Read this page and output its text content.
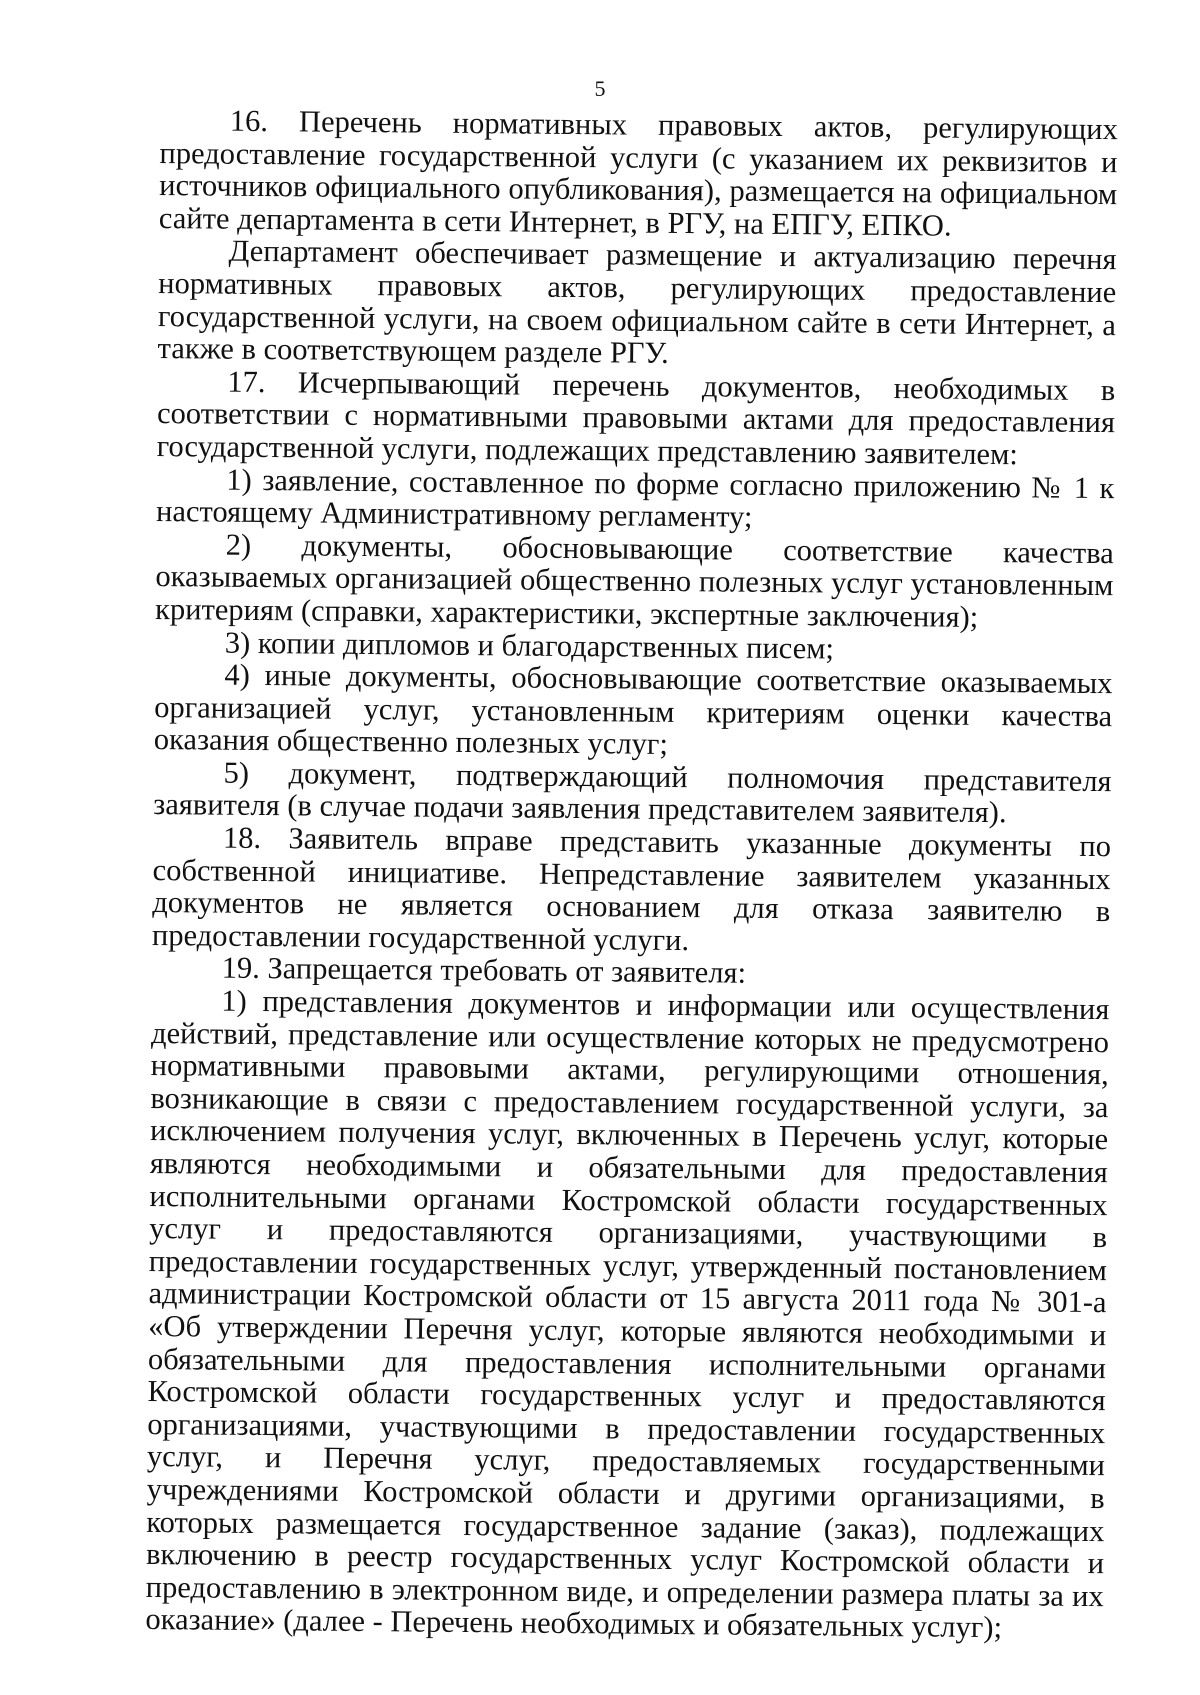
5

16. Перечень нормативных правовых актов, регулирующих предоставление государственной услуги (с указанием их реквизитов и источников официального опубликования), размещается на официальном сайте департамента в сети Интернет, в РГУ, на ЕПГУ, ЕПКО.

Департамент обеспечивает размещение и актуализацию перечня нормативных правовых актов, регулирующих предоставление государственной услуги, на своем официальном сайте в сети Интернет, а также в соответствующем разделе РГУ.

17. Исчерпывающий перечень документов, необходимых в соответствии с нормативными правовыми актами для предоставления государственной услуги, подлежащих представлению заявителем:

1) заявление, составленное по форме согласно приложению № 1 к настоящему Административному регламенту;

2) документы, обосновывающие соответствие качества оказываемых организацией общественно полезных услуг установленным критериям (справки, характеристики, экспертные заключения);

3) копии дипломов и благодарственных писем;

4) иные документы, обосновывающие соответствие оказываемых организацией услуг, установленным критериям оценки качества оказания общественно полезных услуг;

5) документ, подтверждающий полномочия представителя заявителя (в случае подачи заявления представителем заявителя).

18. Заявитель вправе представить указанные документы по собственной инициативе. Непредставление заявителем указанных документов не является основанием для отказа заявителю в предоставлении государственной услуги.

19. Запрещается требовать от заявителя:

1) представления документов и информации или осуществления действий, представление или осуществление которых не предусмотрено нормативными правовыми актами, регулирующими отношения, возникающие в связи с предоставлением государственной услуги, за исключением получения услуг, включенных в Перечень услуг, которые являются необходимыми и обязательными для предоставления исполнительными органами Костромской области государственных услуг и предоставляются организациями, участвующими в предоставлении государственных услуг, утвержденный постановлением администрации Костромской области от 15 августа 2011 года № 301-а «Об утверждении Перечня услуг, которые являются необходимыми и обязательными для предоставления исполнительными органами Костромской области государственных услуг и предоставляются организациями, участвующими в предоставлении государственных услуг, и Перечня услуг, предоставляемых государственными учреждениями Костромской области и другими организациями, в которых размещается государственное задание (заказ), подлежащих включению в реестр государственных услуг Костромской области и предоставлению в электронном виде, и определении размера платы за их оказание» (далее - Перечень необходимых и обязательных услуг);
